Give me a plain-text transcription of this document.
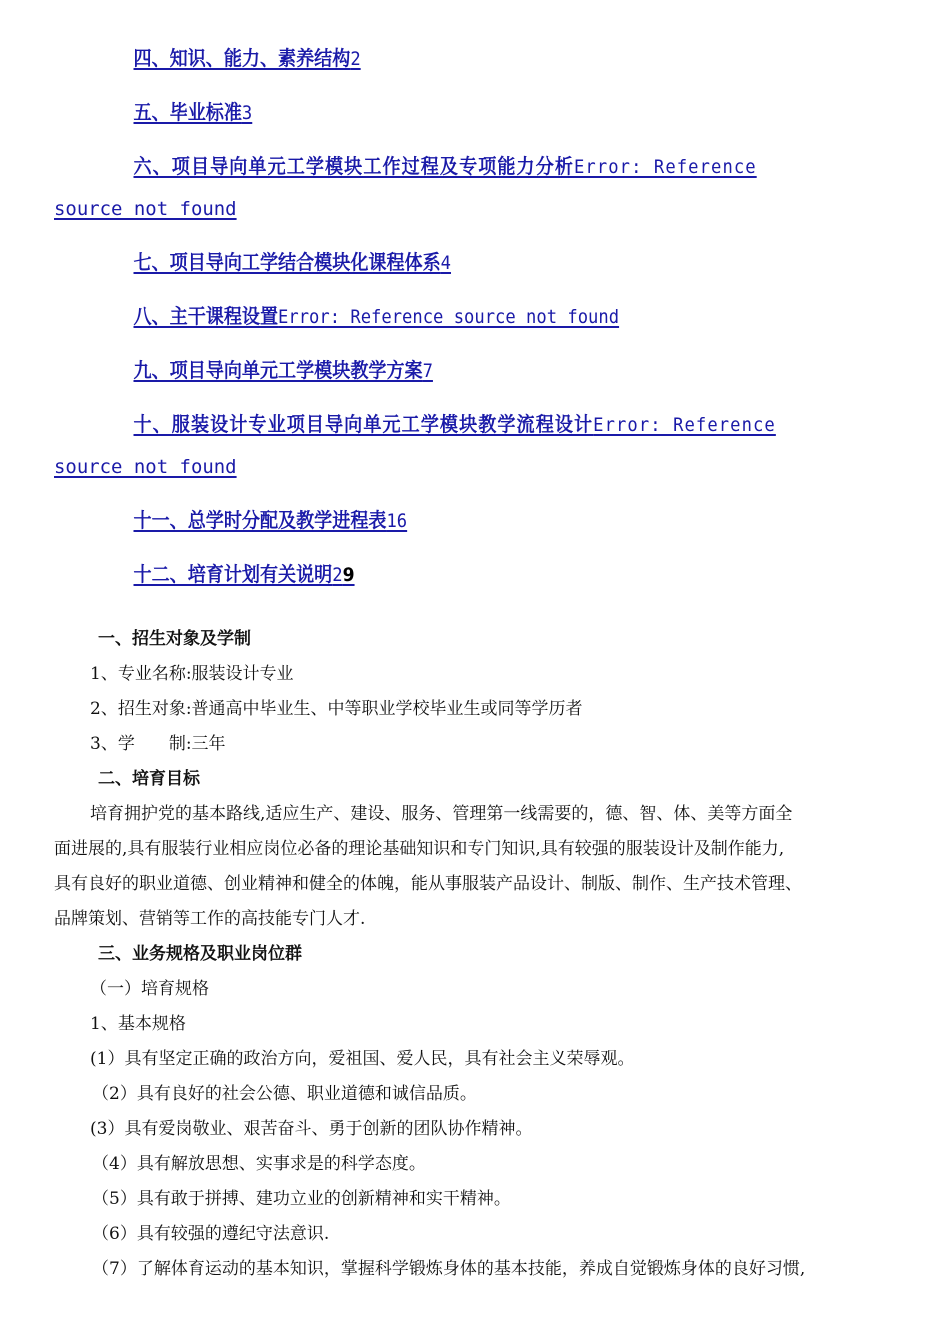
四、知识、能力、素养结构2
五、毕业标准3
六、项目导向单元工学模块工作过程及专项能力分析Error: Reference
source not found
七、项目导向工学结合模块化课程体系4
八、主干课程设置Error: Reference source not found
九、项目导向单元工学模块教学方案7
十、服装设计专业项目导向单元工学模块教学流程设计Error: Reference
source not found
十一、总学时分配及教学进程表16
十二、培育计划有关说明29
一、招生对象及学制
1、专业名称:服装设计专业
2、招生对象:普通高中毕业生、中等职业学校毕业生或同等学历者
3、学　　制:三年
二、培育目标
培育拥护党的基本路线,适应生产、建设、服务、管理第一线需要的，德、智、体、美等方面全
面进展的,具有服装行业相应岗位必备的理论基础知识和专门知识,具有较强的服装设计及制作能力,
具有良好的职业道德、创业精神和健全的体魄，能从事服装产品设计、制版、制作、生产技术管理、
品牌策划、营销等工作的高技能专门人才.
三、业务规格及职业岗位群
（一）培育规格
1、基本规格
(1）具有坚定正确的政治方向，爱祖国、爱人民，具有社会主义荣辱观。
（2）具有良好的社会公德、职业道德和诚信品质。
(3）具有爱岗敬业、艰苦奋斗、勇于创新的团队协作精神。
（4）具有解放思想、实事求是的科学态度。
（5）具有敢于拼搏、建功立业的创新精神和实干精神。
（6）具有较强的遵纪守法意识.
（7）了解体育运动的基本知识，掌握科学锻炼身体的基本技能，养成自觉锻炼身体的良好习惯,
